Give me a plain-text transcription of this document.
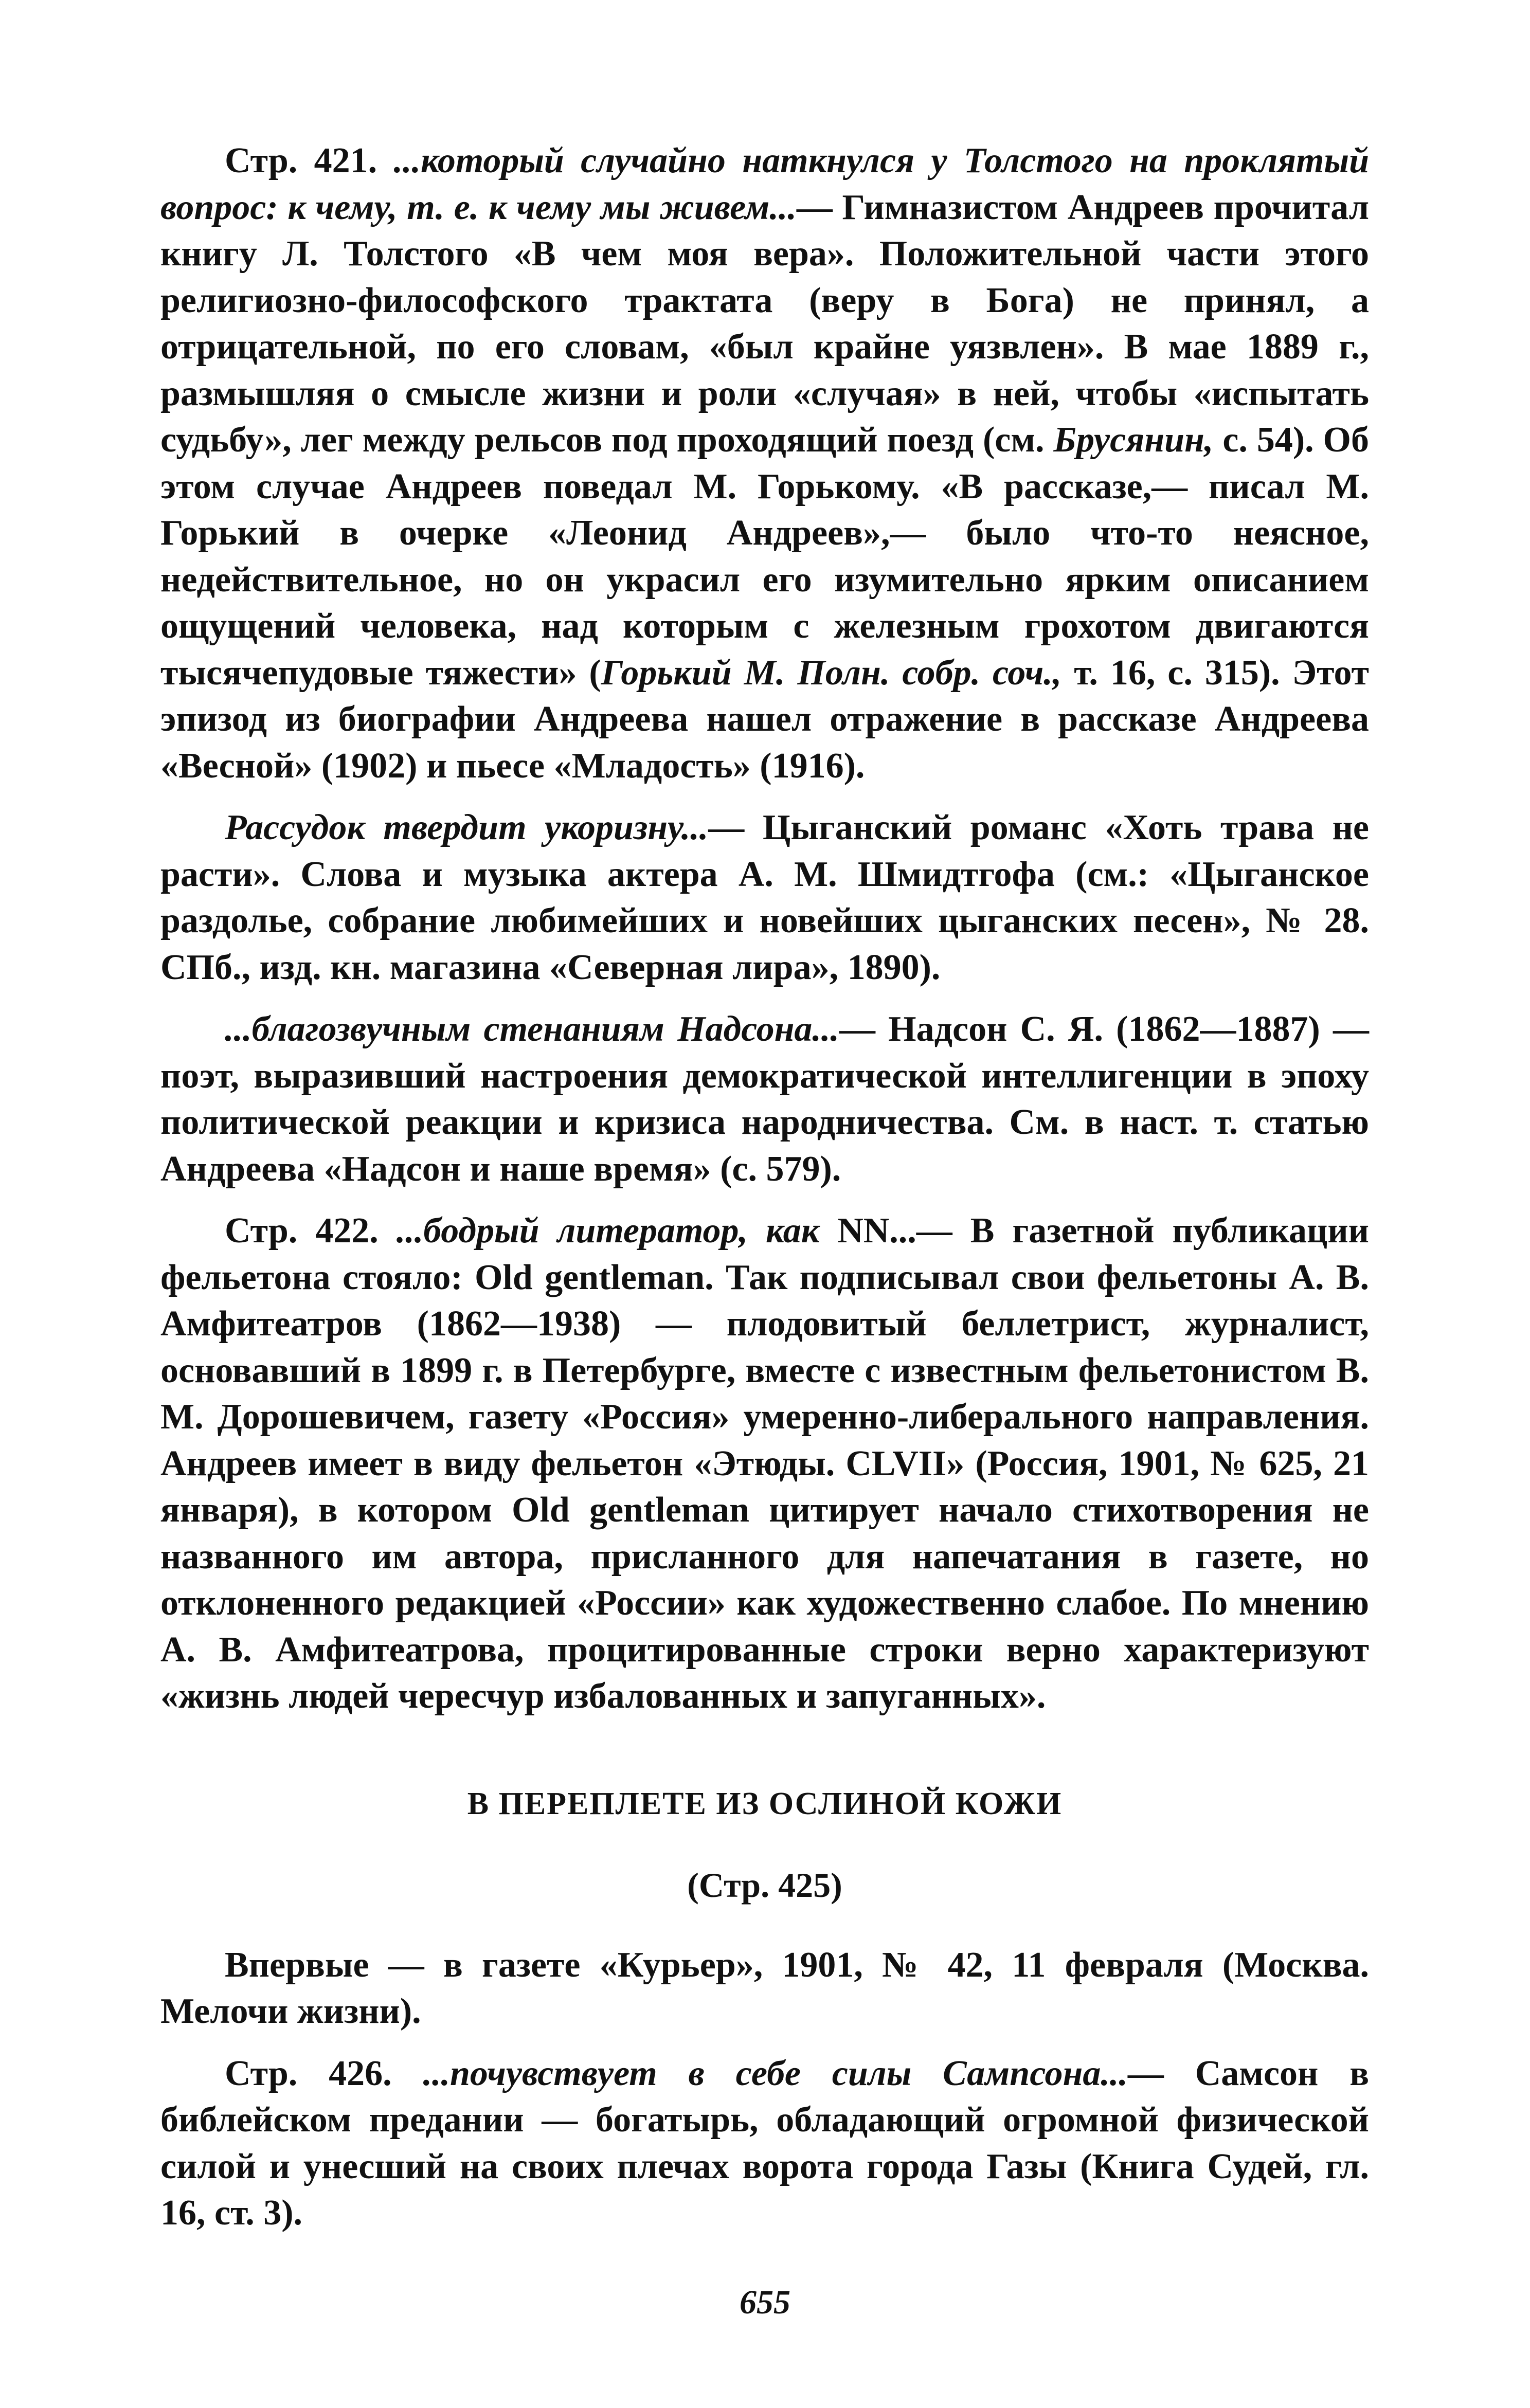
Стр. 421. ...который случайно наткнулся у Толстого на проклятый вопрос: к чему, т. е. к чему мы живем...— Гимназистом Андреев прочитал книгу Л. Толстого «В чем моя вера». Положительной части этого религиозно-философского трактата (веру в Бога) не принял, а отрицательной, по его словам, «был крайне уязвлен». В мае 1889 г., размышляя о смысле жизни и роли «случая» в ней, чтобы «испытать судьбу», лег между рельсов под проходящий поезд (см. Брусянин, с. 54). Об этом случае Андреев поведал М. Горькому. «В рассказе,— писал М. Горький в очерке «Леонид Андреев»,— было что-то неясное, недействительное, но он украсил его изумительно ярким описанием ощущений человека, над которым с железным грохотом двигаются тысячепудовые тяжести» (Горький М. Полн. собр. соч., т. 16, с. 315). Этот эпизод из биографии Андреева нашел отражение в рассказе Андреева «Весной» (1902) и пьесе «Младость» (1916).

Рассудок твердит укоризну...— Цыганский романс «Хоть трава не расти». Слова и музыка актера А. М. Шмидтгофа (см.: «Цыганское раздолье, собрание любимейших и новейших цыганских песен», № 28. СПб., изд. кн. магазина «Северная лира», 1890).

...благозвучным стенаниям Надсона...— Надсон С. Я. (1862—1887) — поэт, выразивший настроения демократической интеллигенции в эпоху политической реакции и кризиса народничества. См. в наст. т. статью Андреева «Надсон и наше время» (с. 579).

Стр. 422. ...бодрый литератор, как NN...— В газетной публикации фельетона стояло: Old gentleman. Так подписывал свои фельетоны А. В. Амфитеатров (1862—1938) — плодовитый беллетрист, журналист, основавший в 1899 г. в Петербурге, вместе с известным фельетонистом В. М. Дорошевичем, газету «Россия» умеренно-либерального направления. Андреев имеет в виду фельетон «Этюды. CLVII» (Россия, 1901, № 625, 21 января), в котором Old gentleman цитирует начало стихотворения не названного им автора, присланного для напечатания в газете, но отклоненного редакцией «России» как художественно слабое. По мнению А. В. Амфитеатрова, процитированные строки верно характеризуют «жизнь людей чересчур избалованных и запуганных».

В ПЕРЕПЛЕТЕ ИЗ ОСЛИНОЙ КОЖИ
(Стр. 425)

Впервые — в газете «Курьер», 1901, № 42, 11 февраля (Москва. Мелочи жизни).

Стр. 426. ...почувствует в себе силы Сампсона...— Самсон в библейском предании — богатырь, обладающий огромной физической силой и унесший на своих плечах ворота города Газы (Книга Судей, гл. 16, ст. 3).

655
